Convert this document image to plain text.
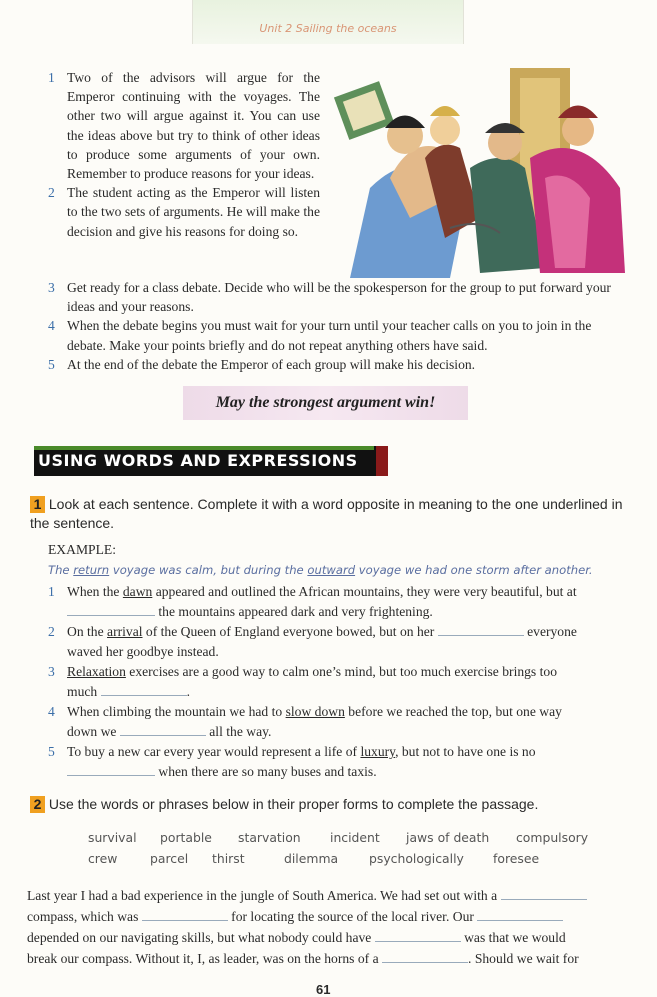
Unit 2 Sailing the oceans
1 Two of the advisors will argue for the Emperor continuing with the voyages. The other two will argue against it. You can use the ideas above but try to think of other ideas to produce some arguments of your own. Remember to produce reasons for your ideas.
2 The student acting as the Emperor will listen to the two sets of arguments. He will make the decision and give his reasons for doing so.
3 Get ready for a class debate. Decide who will be the spokesperson for the group to put forward your ideas and your reasons.
4 When the debate begins you must wait for your turn until your teacher calls on you to join in the debate. Make your points briefly and do not repeat anything others have said.
5 At the end of the debate the Emperor of each group will make his decision.
May the strongest argument win!
USING WORDS AND EXPRESSIONS
1 Look at each sentence. Complete it with a word opposite in meaning to the one underlined in the sentence.
EXAMPLE:
The return voyage was calm, but during the outward voyage we had one storm after another.
1 When the dawn appeared and outlined the African mountains, they were very beautiful, but at
the mountains appeared dark and very frightening.
2 On the arrival of the Queen of England everyone bowed, but on her	everyone
waved her goodbye instead.
3 Relaxation exercises are a good way to calm one’s mind, but too much exercise brings too
much	.
4 When climbing the mountain we had to slow down before we reached the top, but one way
down we	all the way.
5 To buy a new car every year would represent a life of luxury, but not to have one is no
when there are so many buses and taxis.
2 Use the words or phrases below in their proper forms to complete the passage.
survival portable starvation incident jaws of death compulsory
crew	parcel thirst	dilemma psychologically foresee
Last year I had a bad experience in the jungle of South America. We had set out with a
compass, which was	for locating the source of the local river. Our
depended on our navigating skills, but what nobody could have	was that we would
break our compass. Without it, I, as leader, was on the horns of a	. Should we wait for
61
